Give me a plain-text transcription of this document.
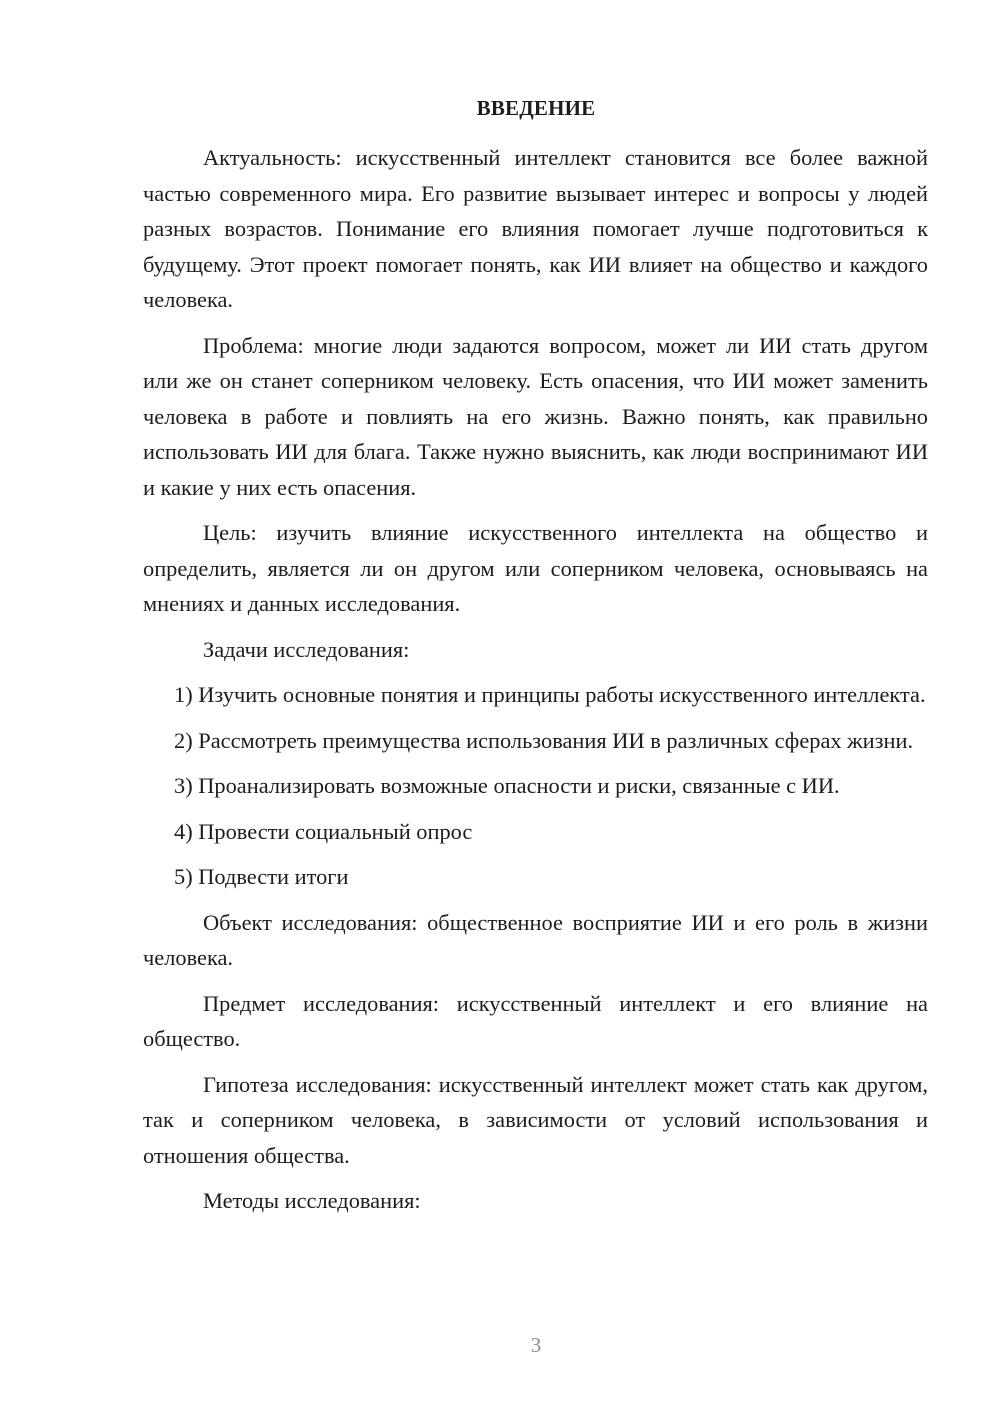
ВВЕДЕНИЕ

Актуальность: искусственный интеллект становится все более важной частью современного мира. Его развитие вызывает интерес и вопросы у людей разных возрастов. Понимание его влияния помогает лучше подготовиться к будущему. Этот проект помогает понять, как ИИ влияет на общество и каждого человека.

Проблема: многие люди задаются вопросом, может ли ИИ стать другом или же он станет соперником человеку. Есть опасения, что ИИ может заменить человека в работе и повлиять на его жизнь. Важно понять, как правильно использовать ИИ для блага. Также нужно выяснить, как люди воспринимают ИИ и какие у них есть опасения.

Цель: изучить влияние искусственного интеллекта на общество и определить, является ли он другом или соперником человека, основываясь на мнениях и данных исследования.

Задачи исследования:

1) Изучить основные понятия и принципы работы искусственного интеллекта.

2) Рассмотреть преимущества использования ИИ в различных сферах жизни.

3) Проанализировать возможные опасности и риски, связанные с ИИ.

4) Провести социальный опрос

5) Подвести итоги

Объект исследования: общественное восприятие ИИ и его роль в жизни человека.

Предмет исследования: искусственный интеллект и его влияние на общество.

Гипотеза исследования: искусственный интеллект может стать как другом, так и соперником человека, в зависимости от условий использования и отношения общества.

Методы исследования:

3
